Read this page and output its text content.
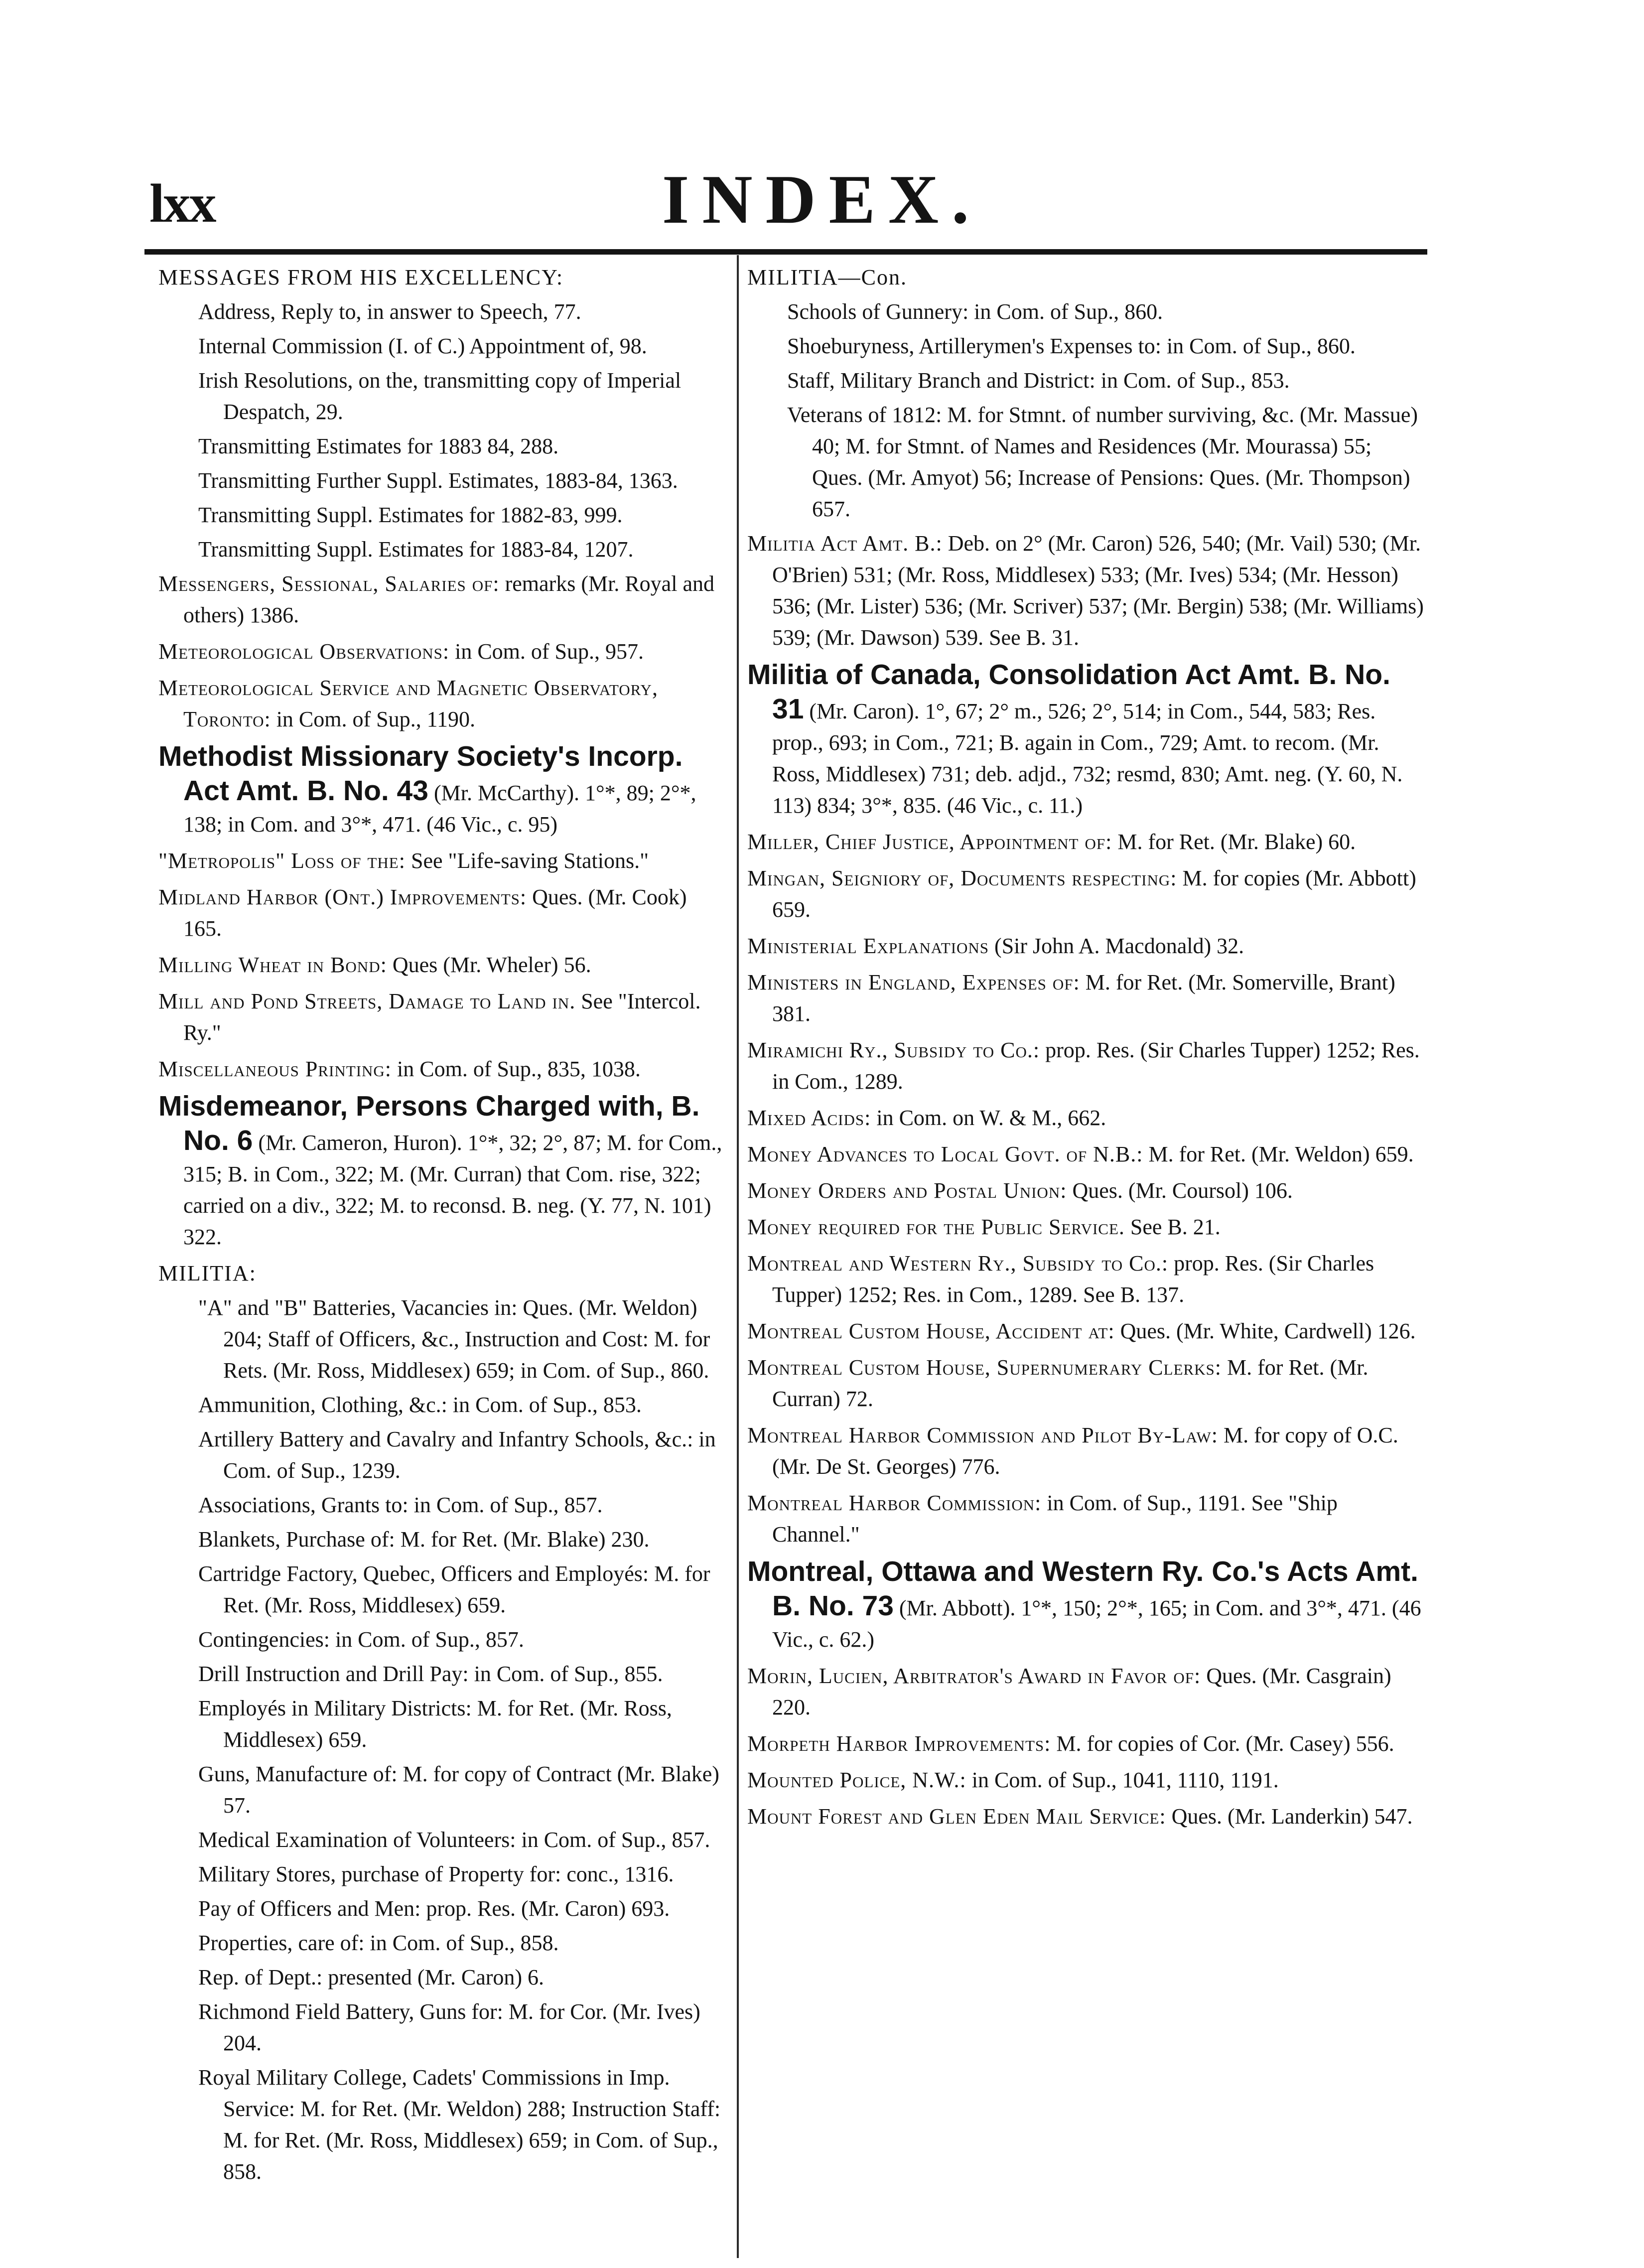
lxx	INDEX.
MESSAGES FROM HIS EXCELLENCY:
Address, Reply to, in answer to Speech, 77.
Internal Commission (I. of C.) Appointment of, 98.
Irish Resolutions, on the, transmitting copy of Imperial Despatch, 29.
Transmitting Estimates for 1883 84, 288.
Transmitting Further Suppl. Estimates, 1883-84, 1363.
Transmitting Suppl. Estimates for 1882-83, 999.
Transmitting Suppl. Estimates for 1883-84, 1207.
Messengers, Sessional, Salaries of: remarks (Mr. Royal and others) 1386.
Meteorological Observations: in Com. of Sup., 957.
Meteorological Service and Magnetic Observatory, Toronto: in Com. of Sup., 1190.
Methodist Missionary Society's Incorp. Act Amt. B. No. 43 (Mr. McCarthy). 1°*, 89; 2°*, 138; in Com. and 3°*, 471. (46 Vic., c. 95)
"Metropolis" Loss of the: See "Life-saving Stations."
Midland Harbor (Ont.) Improvements: Ques. (Mr. Cook) 165.
Milling Wheat in Bond: Ques (Mr. Wheler) 56.
Mill and Pond Streets, Damage to Land in. See "Intercol. Ry."
Miscellaneous Printing: in Com. of Sup., 835, 1038.
Misdemeanor, Persons Charged with, B. No. 6 (Mr. Cameron, Huron). 1°*, 32; 2°, 87; M. for Com., 315; B. in Com., 322; M. (Mr. Curran) that Com. rise, 322; carried on a div., 322; M. to reconsd. B. neg. (Y. 77, N. 101) 322.
MILITIA:
"A" and "B" Batteries, Vacancies in: Ques. (Mr. Weldon) 204; Staff of Officers, &c., Instruction and Cost: M. for Rets. (Mr. Ross, Middlesex) 659; in Com. of Sup., 860.
Ammunition, Clothing, &c.: in Com. of Sup., 853.
Artillery Battery and Cavalry and Infantry Schools, &c.: in Com. of Sup., 1239.
Associations, Grants to: in Com. of Sup., 857.
Blankets, Purchase of: M. for Ret. (Mr. Blake) 230.
Cartridge Factory, Quebec, Officers and Employés: M. for Ret. (Mr. Ross, Middlesex) 659.
Contingencies: in Com. of Sup., 857.
Drill Instruction and Drill Pay: in Com. of Sup., 855.
Employés in Military Districts: M. for Ret. (Mr. Ross, Middlesex) 659.
Guns, Manufacture of: M. for copy of Contract (Mr. Blake) 57.
Medical Examination of Volunteers: in Com. of Sup., 857.
Military Stores, purchase of Property for: conc., 1316.
Pay of Officers and Men: prop. Res. (Mr. Caron) 693.
Properties, care of: in Com. of Sup., 858.
Rep. of Dept.: presented (Mr. Caron) 6.
Richmond Field Battery, Guns for: M. for Cor. (Mr. Ives) 204.
Royal Military College, Cadets' Commissions in Imp. Service: M. for Ret. (Mr. Weldon) 288; Instruction Staff: M. for Ret. (Mr. Ross, Middlesex) 659; in Com. of Sup., 858.
MILITIA—Con.
Schools of Gunnery: in Com. of Sup., 860.
Shoeburyness, Artillerymen's Expenses to: in Com. of Sup., 860.
Staff, Military Branch and District: in Com. of Sup., 853.
Veterans of 1812: M. for Stmnt. of number surviving, &c. (Mr. Massue) 40; M. for Stmnt. of Names and Residences (Mr. Mourassa) 55; Ques. (Mr. Amyot) 56; Increase of Pensions: Ques. (Mr. Thompson) 657.
Militia Act Amt. B.: Deb. on 2° (Mr. Caron) 526, 540; (Mr. Vail) 530; (Mr. O'Brien) 531; (Mr. Ross, Middlesex) 533; (Mr. Ives) 534; (Mr. Hesson) 536; (Mr. Lister) 536; (Mr. Scriver) 537; (Mr. Bergin) 538; (Mr. Williams) 539; (Mr. Dawson) 539. See B. 31.
Militia of Canada, Consolidation Act Amt. B. No. 31 (Mr. Caron). 1°, 67; 2° m., 526; 2°, 514; in Com., 544, 583; Res. prop., 693; in Com., 721; B. again in Com., 729; Amt. to recom. (Mr. Ross, Middlesex) 731; deb. adjd., 732; resmd, 830; Amt. neg. (Y. 60, N. 113) 834; 3°*, 835. (46 Vic., c. 11.)
Miller, Chief Justice, Appointment of: M. for Ret. (Mr. Blake) 60.
Mingan, Seigniory of, Documents respecting: M. for copies (Mr. Abbott) 659.
Ministerial Explanations (Sir John A. Macdonald) 32.
Ministers in England, Expenses of: M. for Ret. (Mr. Somerville, Brant) 381.
Miramichi Ry., Subsidy to Co.: prop. Res. (Sir Charles Tupper) 1252; Res. in Com., 1289.
Mixed Acids: in Com. on W. & M., 662.
Money Advances to Local Govt. of N.B.: M. for Ret. (Mr. Weldon) 659.
Money Orders and Postal Union: Ques. (Mr. Coursol) 106.
Money required for the Public Service. See B. 21.
Montreal and Western Ry., Subsidy to Co.: prop. Res. (Sir Charles Tupper) 1252; Res. in Com., 1289. See B. 137.
Montreal Custom House, Accident at: Ques. (Mr. White, Cardwell) 126.
Montreal Custom House, Supernumerary Clerks: M. for Ret. (Mr. Curran) 72.
Montreal Harbor Commission and Pilot By-Law: M. for copy of O.C. (Mr. De St. Georges) 776.
Montreal Harbor Commission: in Com. of Sup., 1191. See "Ship Channel."
Montreal, Ottawa and Western Ry. Co.'s Acts Amt. B. No. 73 (Mr. Abbott). 1°*, 150; 2°*, 165; in Com. and 3°*, 471. (46 Vic., c. 62.)
Morin, Lucien, Arbitrator's Award in Favor of: Ques. (Mr. Casgrain) 220.
Morpeth Harbor Improvements: M. for copies of Cor. (Mr. Casey) 556.
Mounted Police, N.W.: in Com. of Sup., 1041, 1110, 1191.
Mount Forest and Glen Eden Mail Service: Ques. (Mr. Landerkin) 547.
